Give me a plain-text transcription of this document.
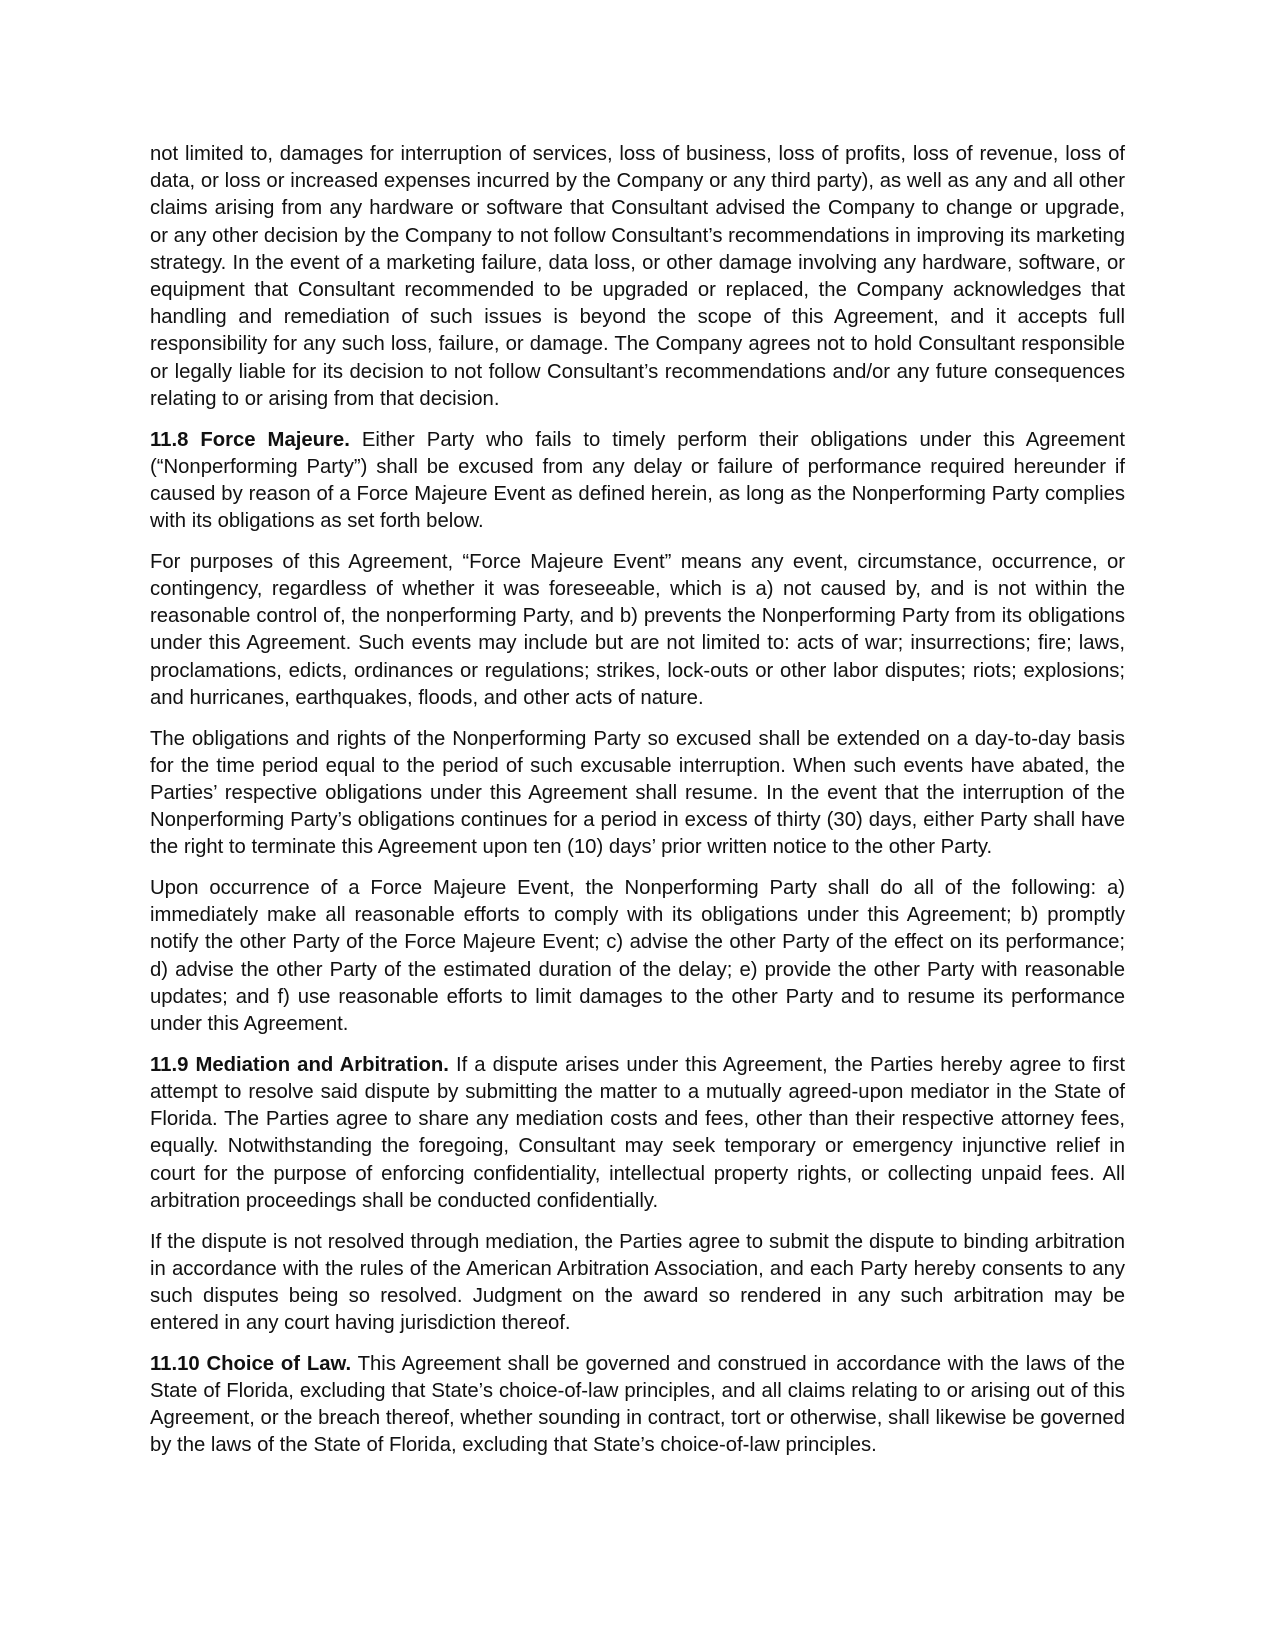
not limited to, damages for interruption of services, loss of business, loss of profits, loss of revenue, loss of data, or loss or increased expenses incurred by the Company or any third party), as well as any and all other claims arising from any hardware or software that Consultant advised the Company to change or upgrade, or any other decision by the Company to not follow Consultant’s recommendations in improving its marketing strategy. In the event of a marketing failure, data loss, or other damage involving any hardware, software, or equipment that Consultant recommended to be upgraded or replaced, the Company acknowledges that handling and remediation of such issues is beyond the scope of this Agreement, and it accepts full responsibility for any such loss, failure, or damage. The Company agrees not to hold Consultant responsible or legally liable for its decision to not follow Consultant’s recommendations and/or any future consequences relating to or arising from that decision.

11.8 Force Majeure. Either Party who fails to timely perform their obligations under this Agreement (“Nonperforming Party”) shall be excused from any delay or failure of performance required hereunder if caused by reason of a Force Majeure Event as defined herein, as long as the Nonperforming Party complies with its obligations as set forth below.

For purposes of this Agreement, “Force Majeure Event” means any event, circumstance, occurrence, or contingency, regardless of whether it was foreseeable, which is a) not caused by, and is not within the reasonable control of, the nonperforming Party, and b) prevents the Nonperforming Party from its obligations under this Agreement. Such events may include but are not limited to: acts of war; insurrections; fire; laws, proclamations, edicts, ordinances or regulations; strikes, lock-outs or other labor disputes; riots; explosions; and hurricanes, earthquakes, floods, and other acts of nature.

The obligations and rights of the Nonperforming Party so excused shall be extended on a day-to-day basis for the time period equal to the period of such excusable interruption. When such events have abated, the Parties’ respective obligations under this Agreement shall resume. In the event that the interruption of the Nonperforming Party’s obligations continues for a period in excess of thirty (30) days, either Party shall have the right to terminate this Agreement upon ten (10) days’ prior written notice to the other Party.

Upon occurrence of a Force Majeure Event, the Nonperforming Party shall do all of the following: a) immediately make all reasonable efforts to comply with its obligations under this Agreement; b) promptly notify the other Party of the Force Majeure Event; c) advise the other Party of the effect on its performance; d) advise the other Party of the estimated duration of the delay; e) provide the other Party with reasonable updates; and f) use reasonable efforts to limit damages to the other Party and to resume its performance under this Agreement.

11.9 Mediation and Arbitration. If a dispute arises under this Agreement, the Parties hereby agree to first attempt to resolve said dispute by submitting the matter to a mutually agreed-upon mediator in the State of Florida. The Parties agree to share any mediation costs and fees, other than their respective attorney fees, equally. Notwithstanding the foregoing, Consultant may seek temporary or emergency injunctive relief in court for the purpose of enforcing confidentiality, intellectual property rights, or collecting unpaid fees. All arbitration proceedings shall be conducted confidentially.

If the dispute is not resolved through mediation, the Parties agree to submit the dispute to binding arbitration in accordance with the rules of the American Arbitration Association, and each Party hereby consents to any such disputes being so resolved. Judgment on the award so rendered in any such arbitration may be entered in any court having jurisdiction thereof.

11.10 Choice of Law. This Agreement shall be governed and construed in accordance with the laws of the State of Florida, excluding that State’s choice-of-law principles, and all claims relating to or arising out of this Agreement, or the breach thereof, whether sounding in contract, tort or otherwise, shall likewise be governed by the laws of the State of Florida, excluding that State’s choice-of-law principles.
